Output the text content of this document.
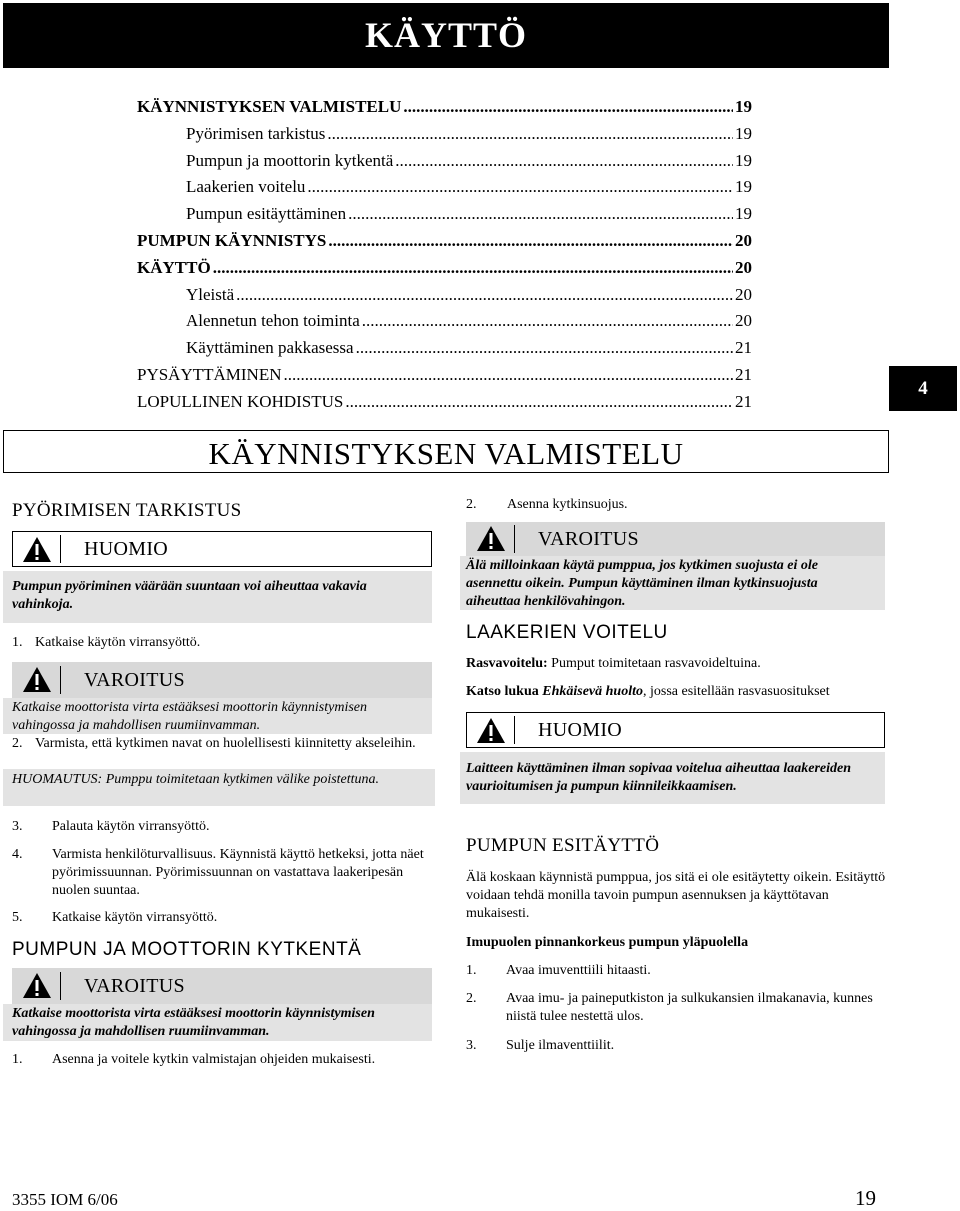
KÄYTTÖ
KÄYNNISTYKSEN VALMISTELU .....	19
Pyörimisen tarkistus .....	19
Pumpun ja moottorin kytkentä .....	19
Laakerien voitelu .....	19
Pumpun esitäyttäminen .....	19
PUMPUN KÄYNNISTYS .....	20
KÄYTTÖ .....	20
Yleistä .....	20
Alennetun tehon toiminta .....	20
Käyttäminen pakkasessa .....	21
PYSÄYTTÄMINEN .....	21
LOPULLINEN KOHDISTUS .....	21
4
KÄYNNISTYKSEN VALMISTELU
PYÖRIMISEN TARKISTUS
HUOMIO
Pumpun pyöriminen väärään suuntaan voi aiheuttaa vakavia vahinkoja.
1. Katkaise käytön virransyöttö.
VAROITUS
Katkaise moottorista virta estääksesi moottorin käynnistymisen vahingossa ja mahdollisen ruumiinvamman.
2. Varmista, että kytkimen navat on huolellisesti kiinnitetty akseleihin.
HUOMAUTUS: Pumppu toimitetaan kytkimen välike poistettuna.
3. Palauta käytön virransyöttö.
4. Varmista henkilöturvallisuus. Käynnistä käyttö hetkeksi, jotta näet pyörimissuunnan. Pyörimissuunnan on vastattava laakeripesän nuolen suuntaa.
5. Katkaise käytön virransyöttö.
PUMPUN JA MOOTTORIN KYTKENTÄ
VAROITUS
Katkaise moottorista virta estääksesi moottorin käynnistymisen vahingossa ja mahdollisen ruumiinvamman.
1. Asenna ja voitele kytkin valmistajan ohjeiden mukaisesti.
2. Asenna kytkinsuojus.
VAROITUS
Älä milloinkaan käytä pumppua, jos kytkimen suojusta ei ole asennettu oikein. Pumpun käyttäminen ilman kytkinsuojusta aiheuttaa henkilövahingon.
LAAKERIEN VOITELU
Rasvavoitelu: Pumput toimitetaan rasvavoideltuina.
Katso lukua Ehkäisevä huolto, jossa esitellään rasvasuositukset
HUOMIO
Laitteen käyttäminen ilman sopivaa voitelua aiheuttaa laakereiden vaurioitumisen ja pumpun kiinnileikkaamisen.
PUMPUN ESITÄYTTÖ
Älä koskaan käynnistä pumppua, jos sitä ei ole esitäytetty oikein. Esitäyttö voidaan tehdä monilla tavoin pumpun asennuksen ja käyttötavan mukaisesti.
Imupuolen pinnankorkeus pumpun yläpuolella
1. Avaa imuventtiili hitaasti.
2. Avaa imu- ja paineputkiston ja sulkukansien ilmakanavia, kunnes niistä tulee nestettä ulos.
3. Sulje ilmaventtiilit.
3355 IOM 6/06	19
